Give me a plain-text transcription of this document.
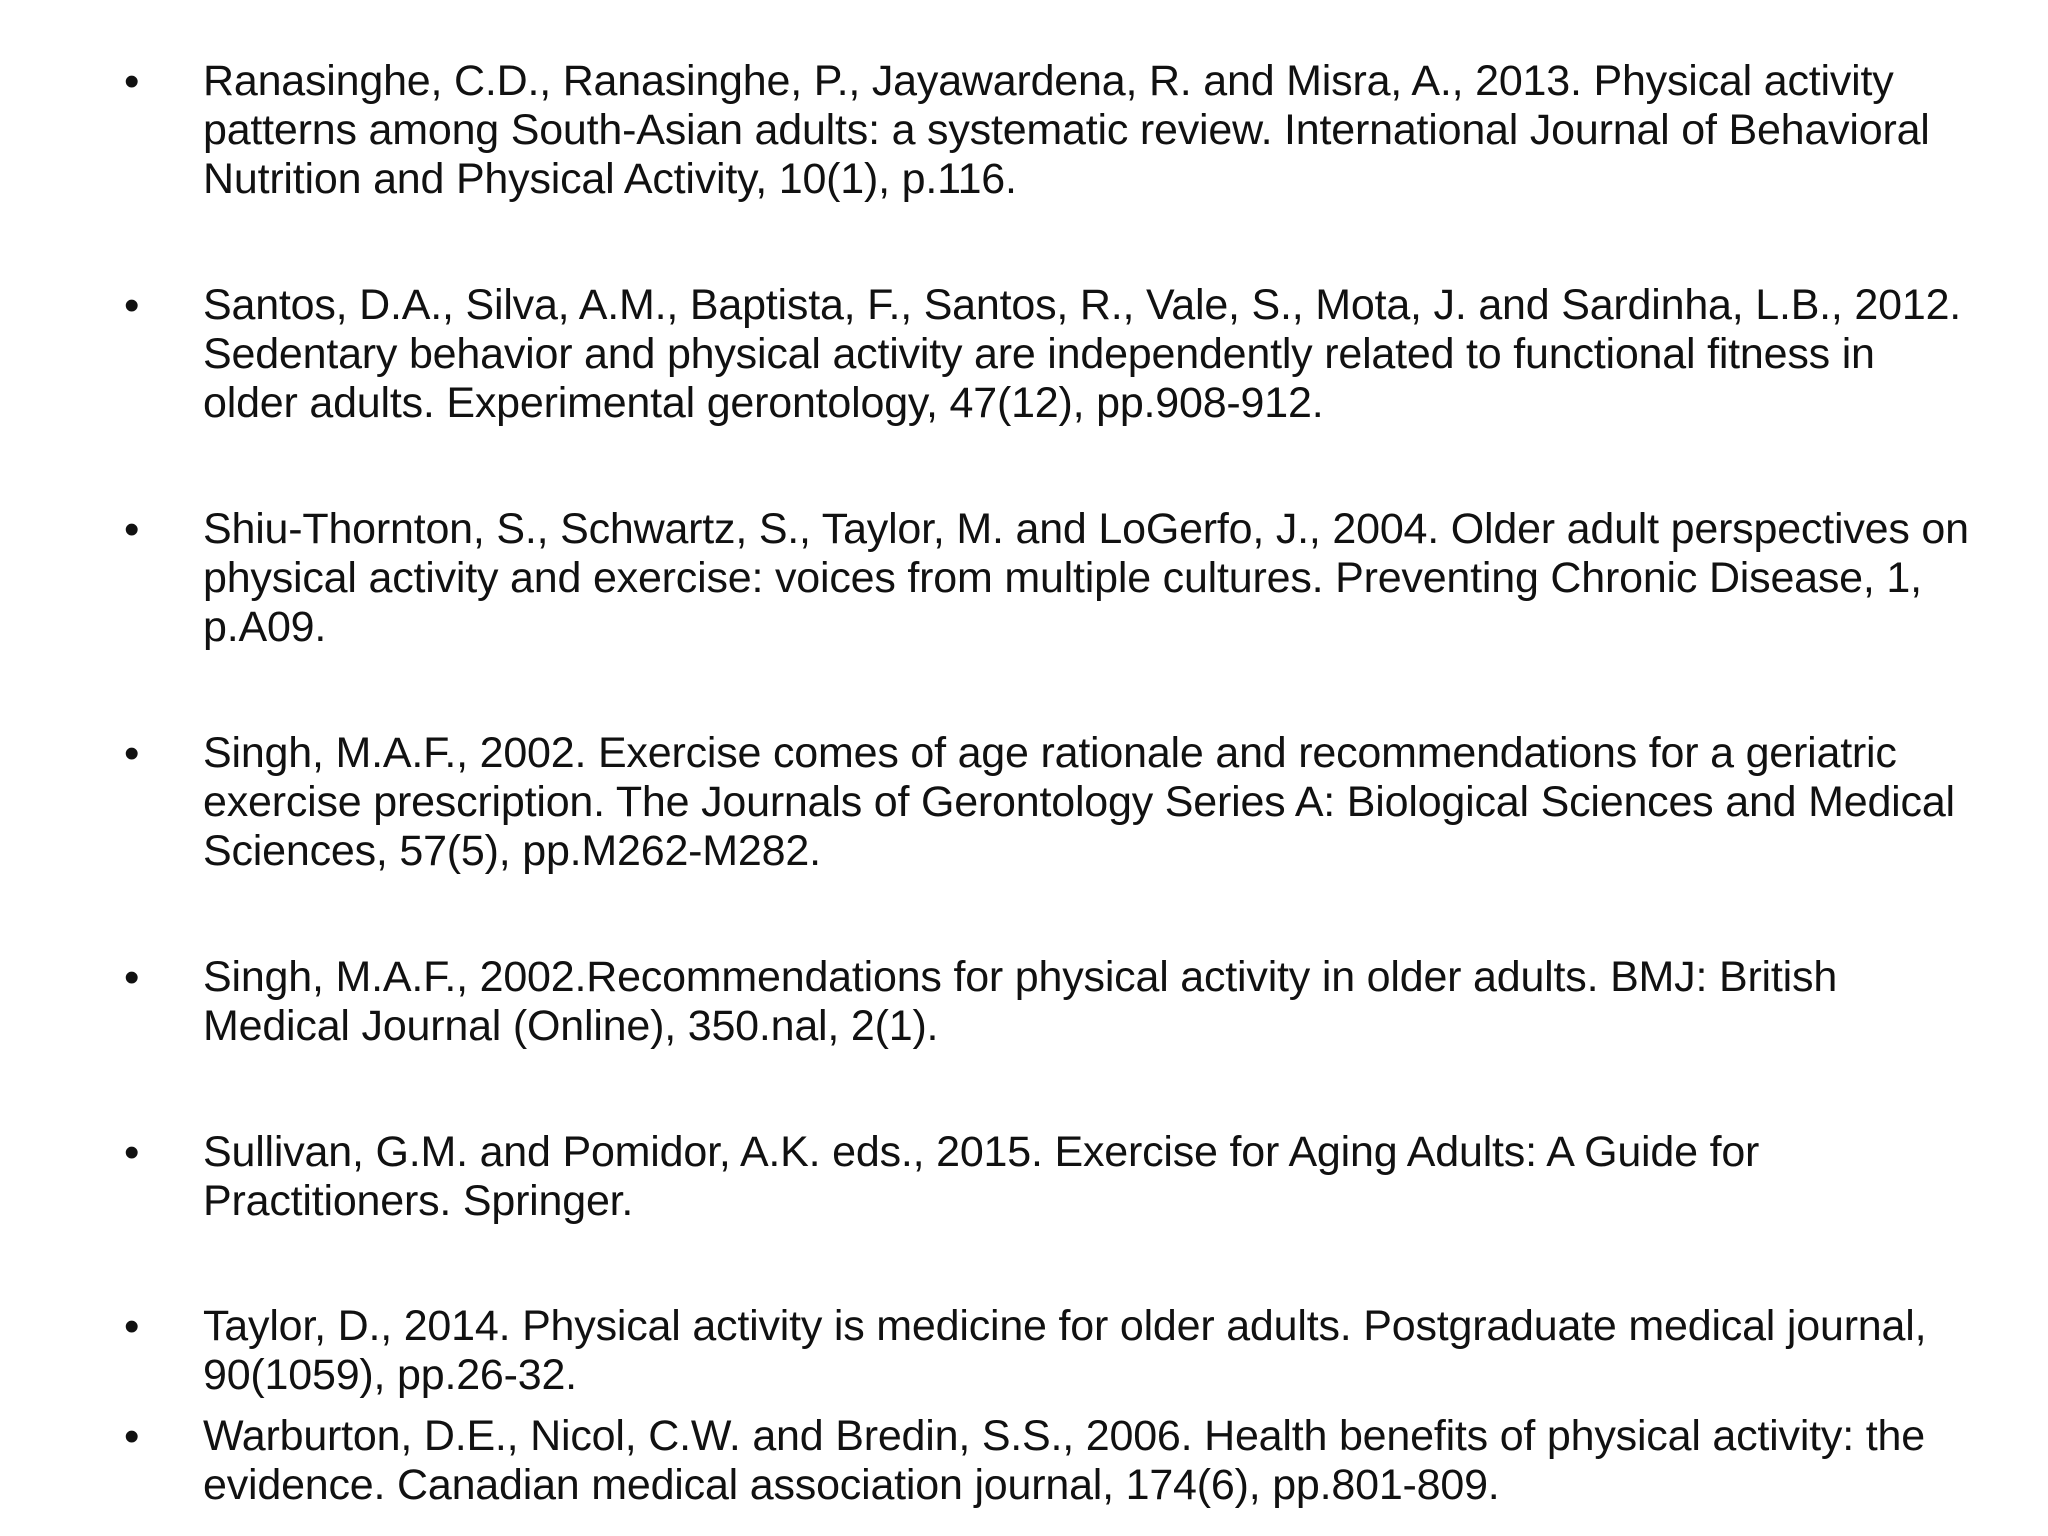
• Ranasinghe, C.D., Ranasinghe, P., Jayawardena, R. and Misra, A., 2013. Physical activity patterns among South-Asian adults: a systematic review. International Journal of Behavioral Nutrition and Physical Activity, 10(1), p.116.
• Santos, D.A., Silva, A.M., Baptista, F., Santos, R., Vale, S., Mota, J. and Sardinha, L.B., 2012. Sedentary behavior and physical activity are independently related to functional fitness in older adults. Experimental gerontology, 47(12), pp.908-912.
• Shiu-Thornton, S., Schwartz, S., Taylor, M. and LoGerfo, J., 2004. Older adult perspectives on physical activity and exercise: voices from multiple cultures. Preventing Chronic Disease, 1, p.A09.
• Singh, M.A.F., 2002. Exercise comes of age rationale and recommendations for a geriatric exercise prescription. The Journals of Gerontology Series A: Biological Sciences and Medical Sciences, 57(5), pp.M262-M282.
• Singh, M.A.F., 2002.Recommendations for physical activity in older adults. BMJ: British Medical Journal (Online), 350.nal, 2(1).
• Sullivan, G.M. and Pomidor, A.K. eds., 2015. Exercise for Aging Adults: A Guide for Practitioners. Springer.
• Taylor, D., 2014. Physical activity is medicine for older adults. Postgraduate medical journal, 90(1059), pp.26-32.
• Warburton, D.E., Nicol, C.W. and Bredin, S.S., 2006. Health benefits of physical activity: the evidence. Canadian medical association journal, 174(6), pp.801-809.
